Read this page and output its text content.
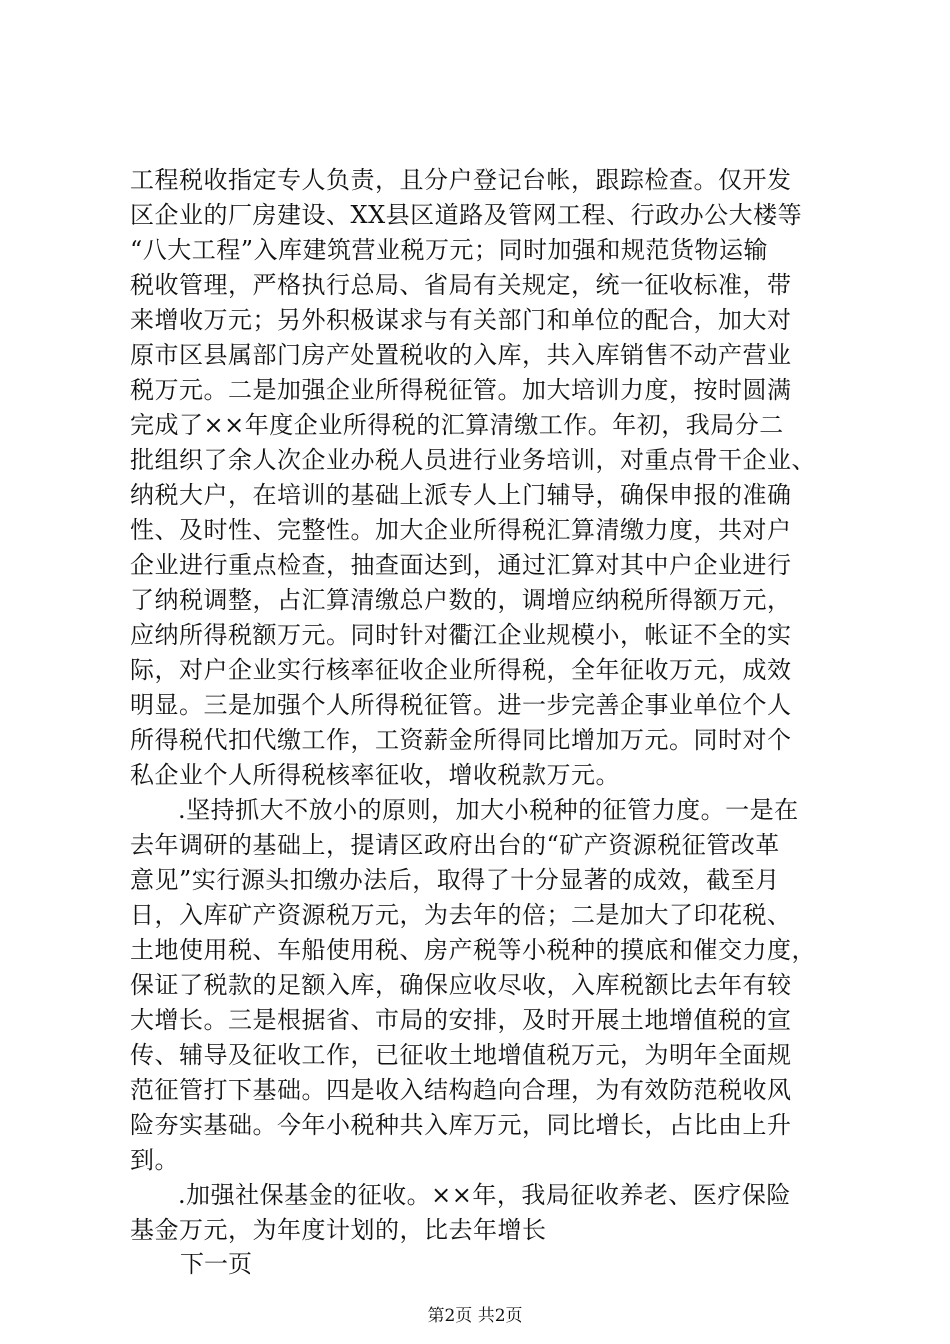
工程税收指定专人负责，且分户登记台帐，跟踪检查。仅开发
区企业的厂房建设、XX县区道路及管网工程、行政办公大楼等
“八大工程”入库建筑营业税万元；同时加强和规范货物运输
税收管理，严格执行总局、省局有关规定，统一征收标准，带
来增收万元；另外积极谋求与有关部门和单位的配合，加大对
原市区县属部门房产处置税收的入库，共入库销售不动产营业
税万元。二是加强企业所得税征管。加大培训力度，按时圆满
完成了××年度企业所得税的汇算清缴工作。年初，我局分二
批组织了余人次企业办税人员进行业务培训，对重点骨干企业、
纳税大户，在培训的基础上派专人上门辅导，确保申报的准确
性、及时性、完整性。加大企业所得税汇算清缴力度，共对户
企业进行重点检查，抽查面达到，通过汇算对其中户企业进行
了纳税调整，占汇算清缴总户数的，调增应纳税所得额万元，
应纳所得税额万元。同时针对衢江企业规模小，帐证不全的实
际，对户企业实行核率征收企业所得税，全年征收万元，成效
明显。三是加强个人所得税征管。进一步完善企事业单位个人
所得税代扣代缴工作，工资薪金所得同比增加万元。同时对个
私企业个人所得税核率征收，增收税款万元。
.坚持抓大不放小的原则，加大小税种的征管力度。一是在
去年调研的基础上，提请区政府出台的“矿产资源税征管改革
意见”实行源头扣缴办法后，取得了十分显著的成效，截至月
日，入库矿产资源税万元，为去年的倍；二是加大了印花税、
土地使用税、车船使用税、房产税等小税种的摸底和催交力度，
保证了税款的足额入库，确保应收尽收，入库税额比去年有较
大增长。三是根据省、市局的安排，及时开展土地增值税的宣
传、辅导及征收工作，已征收土地增值税万元，为明年全面规
范征管打下基础。四是收入结构趋向合理，为有效防范税收风
险夯实基础。今年小税种共入库万元，同比增长，占比由上升
到。
.加强社保基金的征收。××年，我局征收养老、医疗保险
基金万元，为年度计划的，比去年增长
下一页
第2页 共2页
